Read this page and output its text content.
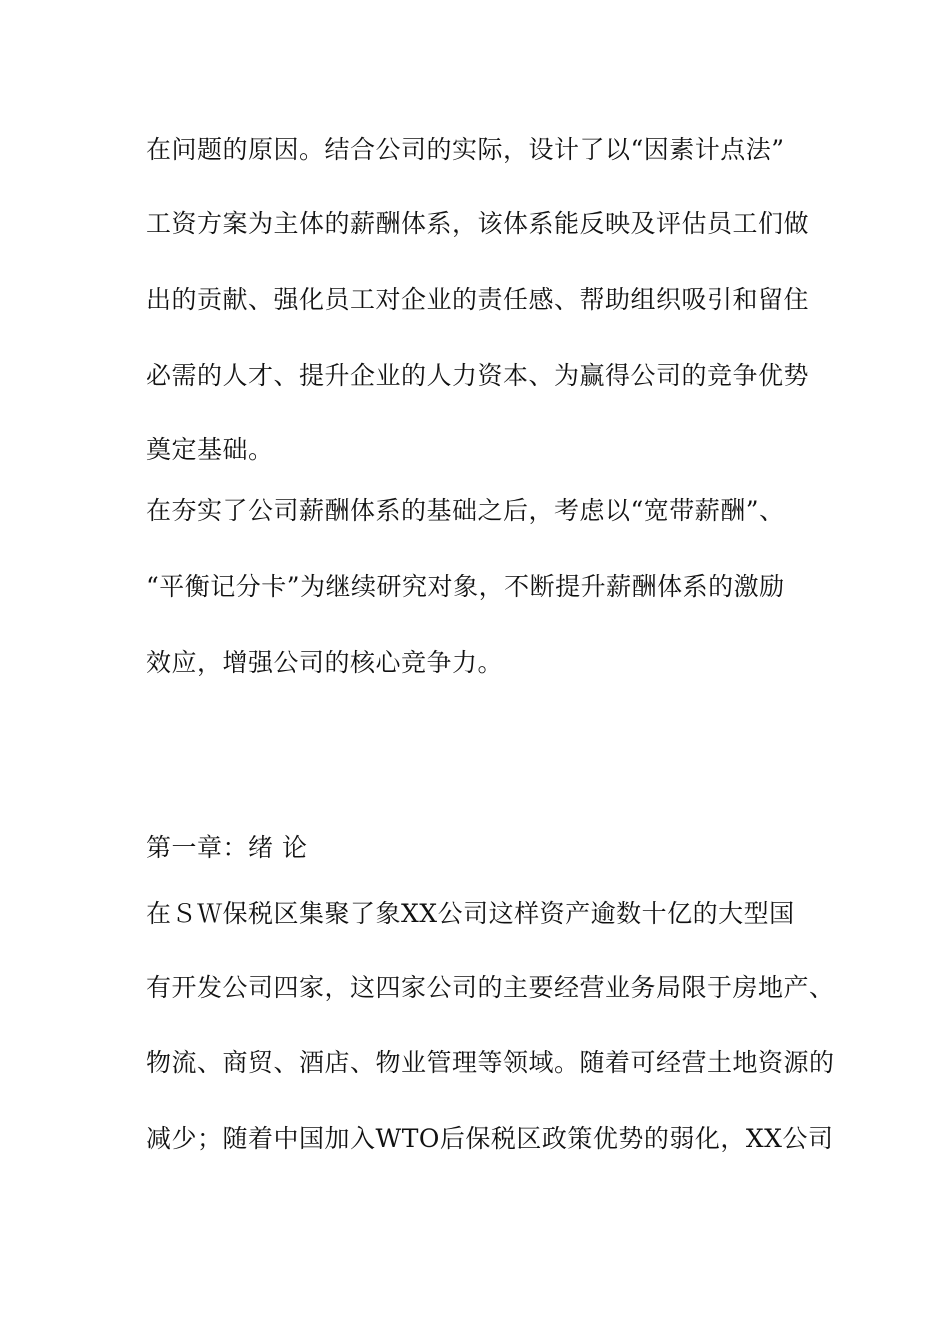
在问题的原因。结合公司的实际，设计了以“因素计点法”
工资方案为主体的薪酬体系，该体系能反映及评估员工们做
出的贡献、强化员工对企业的责任感、帮助组织吸引和留住
必需的人才、提升企业的人力资本、为赢得公司的竞争优势
奠定基础。
在夯实了公司薪酬体系的基础之后，考虑以“宽带薪酬”、
“平衡记分卡”为继续研究对象，不断提升薪酬体系的激励
效应，增强公司的核心竞争力。
第一章：绪 论
在ＳＷ保税区集聚了象XX公司这样资产逾数十亿的大型国
有开发公司四家，这四家公司的主要经营业务局限于房地产、
物流、商贸、酒店、物业管理等领域。随着可经营土地资源的
减少；随着中国加入WTO后保税区政策优势的弱化，XX公司
